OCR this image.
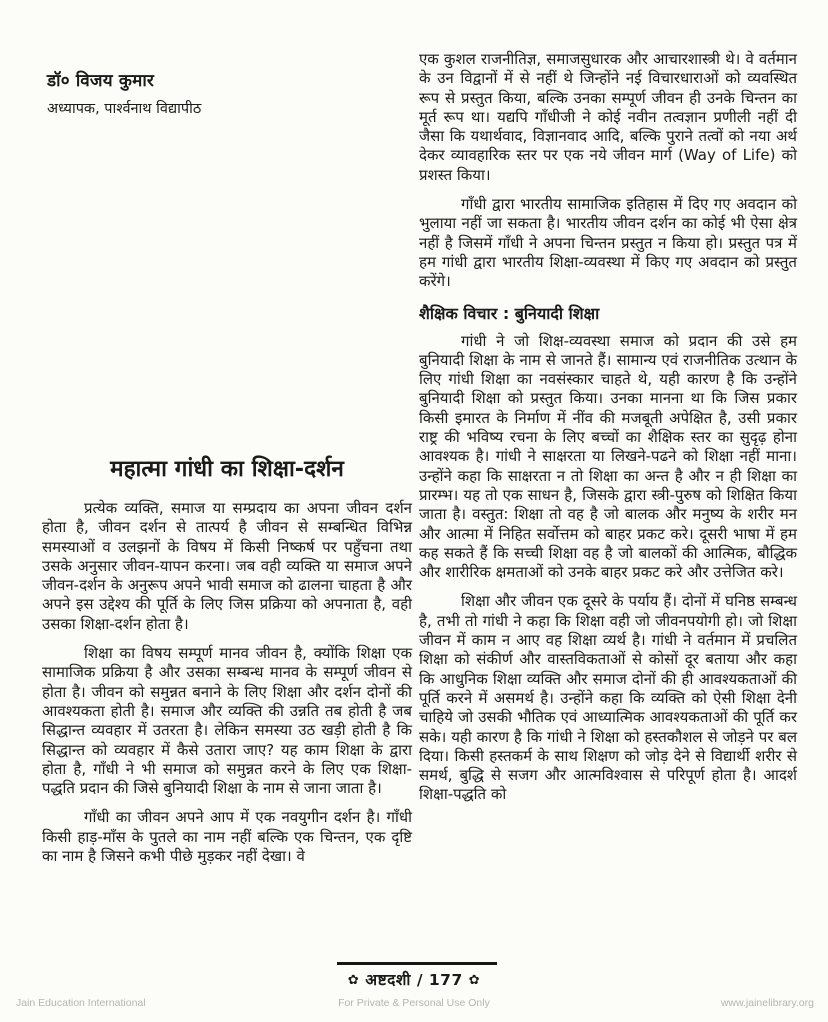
डॉ० विजय कुमार
अध्यापक, पार्श्वनाथ विद्यापीठ

एक कुशल राजनीतिज्ञ, समाजसुधारक और आचारशास्त्री थे। वे वर्तमान के उन विद्वानों में से नहीं थे जिन्होंने नई विचारधाराओं को व्यवस्थित रूप से प्रस्तुत किया, बल्कि उनका सम्पूर्ण जीवन ही उनके चिन्तन का मूर्त रूप था। यद्यपि गाँधीजी ने कोई नवीन तत्वज्ञान प्रणीली नहीं दी जैसा कि यथार्थवाद, विज्ञानवाद आदि, बल्कि पुराने तत्वों को नया अर्थ देकर व्यावहारिक स्तर पर एक नये जीवन मार्ग (Way of Life) को प्रशस्त किया।

गाँधी द्वारा भारतीय सामाजिक इतिहास में दिए गए अवदान को भुलाया नहीं जा सकता है। भारतीय जीवन दर्शन का कोई भी ऐसा क्षेत्र नहीं है जिसमें गाँधी ने अपना चिन्तन प्रस्तुत न किया हो। प्रस्तुत पत्र में हम गांधी द्वारा भारतीय शिक्षा-व्यवस्था में किए गए अवदान को प्रस्तुत करेंगे।

शैक्षिक विचार : बुनियादी शिक्षा

गांधी ने जो शिक्ष-व्यवस्था समाज को प्रदान की उसे हम बुनियादी शिक्षा के नाम से जानते हैं। सामान्य एवं राजनीतिक उत्थान के लिए गांधी शिक्षा का नवसंस्कार चाहते थे, यही कारण है कि उन्होंने बुनियादी शिक्षा को प्रस्तुत किया। उनका मानना था कि जिस प्रकार किसी इमारत के निर्माण में नींव की मजबूती अपेक्षित है, उसी प्रकार राष्ट्र की भविष्य रचना के लिए बच्चों का शैक्षिक स्तर का सुदृढ़ होना आवश्यक है। गांधी ने साक्षरता या लिखने-पढने को शिक्षा नहीं माना। उन्होंने कहा कि साक्षरता न तो शिक्षा का अन्त है और न ही शिक्षा का प्रारम्भ। यह तो एक साधन है, जिसके द्वारा स्त्री-पुरुष को शिक्षित किया जाता है। वस्तुत: शिक्षा तो वह है जो बालक और मनुष्य के शरीर मन और आत्मा में निहित सर्वोत्तम को बाहर प्रकट करे। दूसरी भाषा में हम कह सकते हैं कि सच्ची शिक्षा वह है जो बालकों की आत्मिक, बौद्धिक और शारीरिक क्षमताओं को उनके बाहर प्रकट करे और उत्तेजित करे।

शिक्षा और जीवन एक दूसरे के पर्याय हैं। दोनों में घनिष्ठ सम्बन्ध है, तभी तो गांधी ने कहा कि शिक्षा वही जो जीवनपयोगी हो। जो शिक्षा जीवन में काम न आए वह शिक्षा व्यर्थ है। गांधी ने वर्तमान में प्रचलित शिक्षा को संकीर्ण और वास्तविकताओं से कोसों दूर बताया और कहा कि आधुनिक शिक्षा व्यक्ति और समाज दोनों की ही आवश्यकताओं की पूर्ति करने में असमर्थ है। उन्होंने कहा कि व्यक्ति को ऐसी शिक्षा देनी चाहिये जो उसकी भौतिक एवं आध्यात्मिक आवश्यकताओं की पूर्ति कर सके। यही कारण है कि गांधी ने शिक्षा को हस्तकौशल से जोड़ने पर बल दिया। किसी हस्तकर्म के साथ शिक्षण को जोड़ देने से विद्यार्थी शरीर से समर्थ, बुद्धि से सजग और आत्मविश्वास से परिपूर्ण होता है। आदर्श शिक्षा-पद्धति को

महात्मा गांधी का शिक्षा-दर्शन

प्रत्येक व्यक्ति, समाज या सम्प्रदाय का अपना जीवन दर्शन होता है, जीवन दर्शन से तात्पर्य है जीवन से सम्बन्धित विभिन्न समस्याओं व उलझनों के विषय में किसी निष्कर्ष पर पहुँचना तथा उसके अनुसार जीवन-यापन करना। जब वही व्यक्ति या समाज अपने जीवन-दर्शन के अनुरूप अपने भावी समाज को ढालना चाहता है और अपने इस उद्देश्य की पूर्ति के लिए जिस प्रक्रिया को अपनाता है, वही उसका शिक्षा-दर्शन होता है।

शिक्षा का विषय सम्पूर्ण मानव जीवन है, क्योंकि शिक्षा एक सामाजिक प्रक्रिया है और उसका सम्बन्ध मानव के सम्पूर्ण जीवन से होता है। जीवन को समुन्नत बनाने के लिए शिक्षा और दर्शन दोनों की आवश्यकता होती है। समाज और व्यक्ति की उन्नति तब होती है जब सिद्धान्त व्यवहार में उतरता है। लेकिन समस्या उठ खड़ी होती है कि सिद्धान्त को व्यवहार में कैसे उतारा जाए? यह काम शिक्षा के द्वारा होता है, गाँधी ने भी समाज को समुन्नत करने के लिए एक शिक्षा-पद्धति प्रदान की जिसे बुनियादी शिक्षा के नाम से जाना जाता है।

गाँधी का जीवन अपने आप में एक नवयुगीन दर्शन है। गाँधी किसी हाड़-माँस के पुतले का नाम नहीं बल्कि एक चिन्तन, एक दृष्टि का नाम है जिसने कभी पीछे मुड़कर नहीं देखा। वे

✿ अष्टदशी / 177 ✿
Jain Education International	For Private & Personal Use Only	www.jainelibrary.org
